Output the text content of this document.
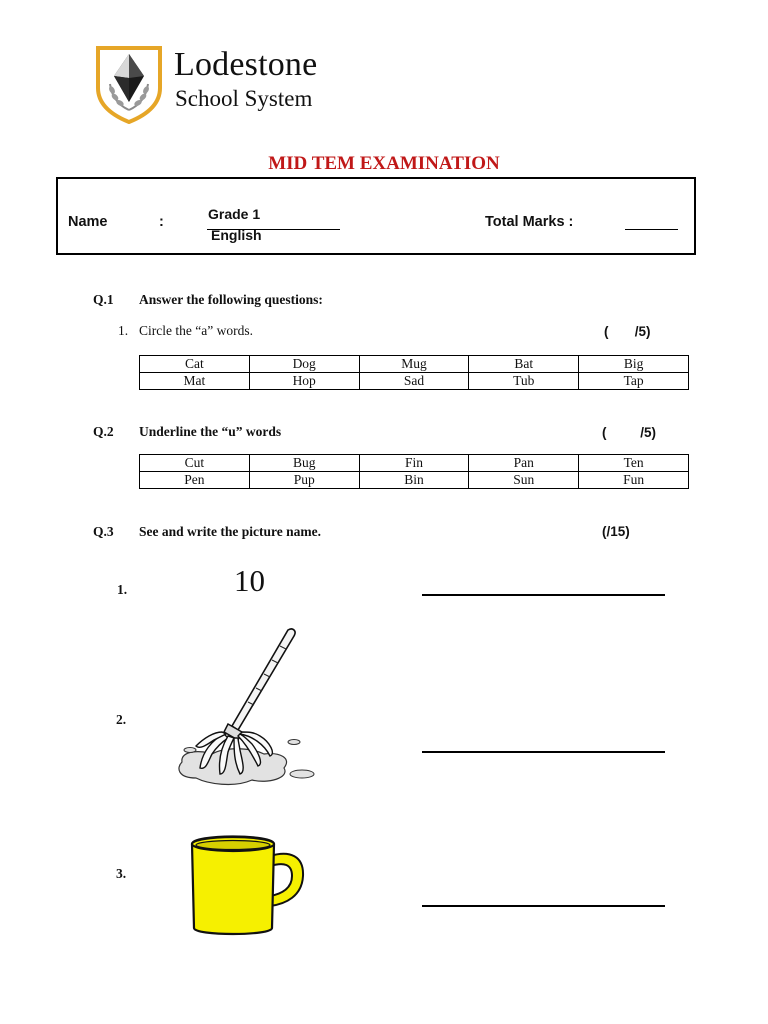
Lodestone
School System
MID TEM EXAMINATION
Name	:	Grade 1
English
Total Marks :
Q.1 Answer the following questions:
1. Circle the “a” words.	(       /5)
Cat	Dog	Mug	Bat	Big
Mat	Hop	Sad	Tub	Tap
Q.2 Underline the “u” words	(         /5)
Cut	Bug	Fin	Pan	Ten
Pen	Pup	Bin	Sun	Fun
Q.3 See and write the picture name.	(/15)
1.	10
2.
3.
